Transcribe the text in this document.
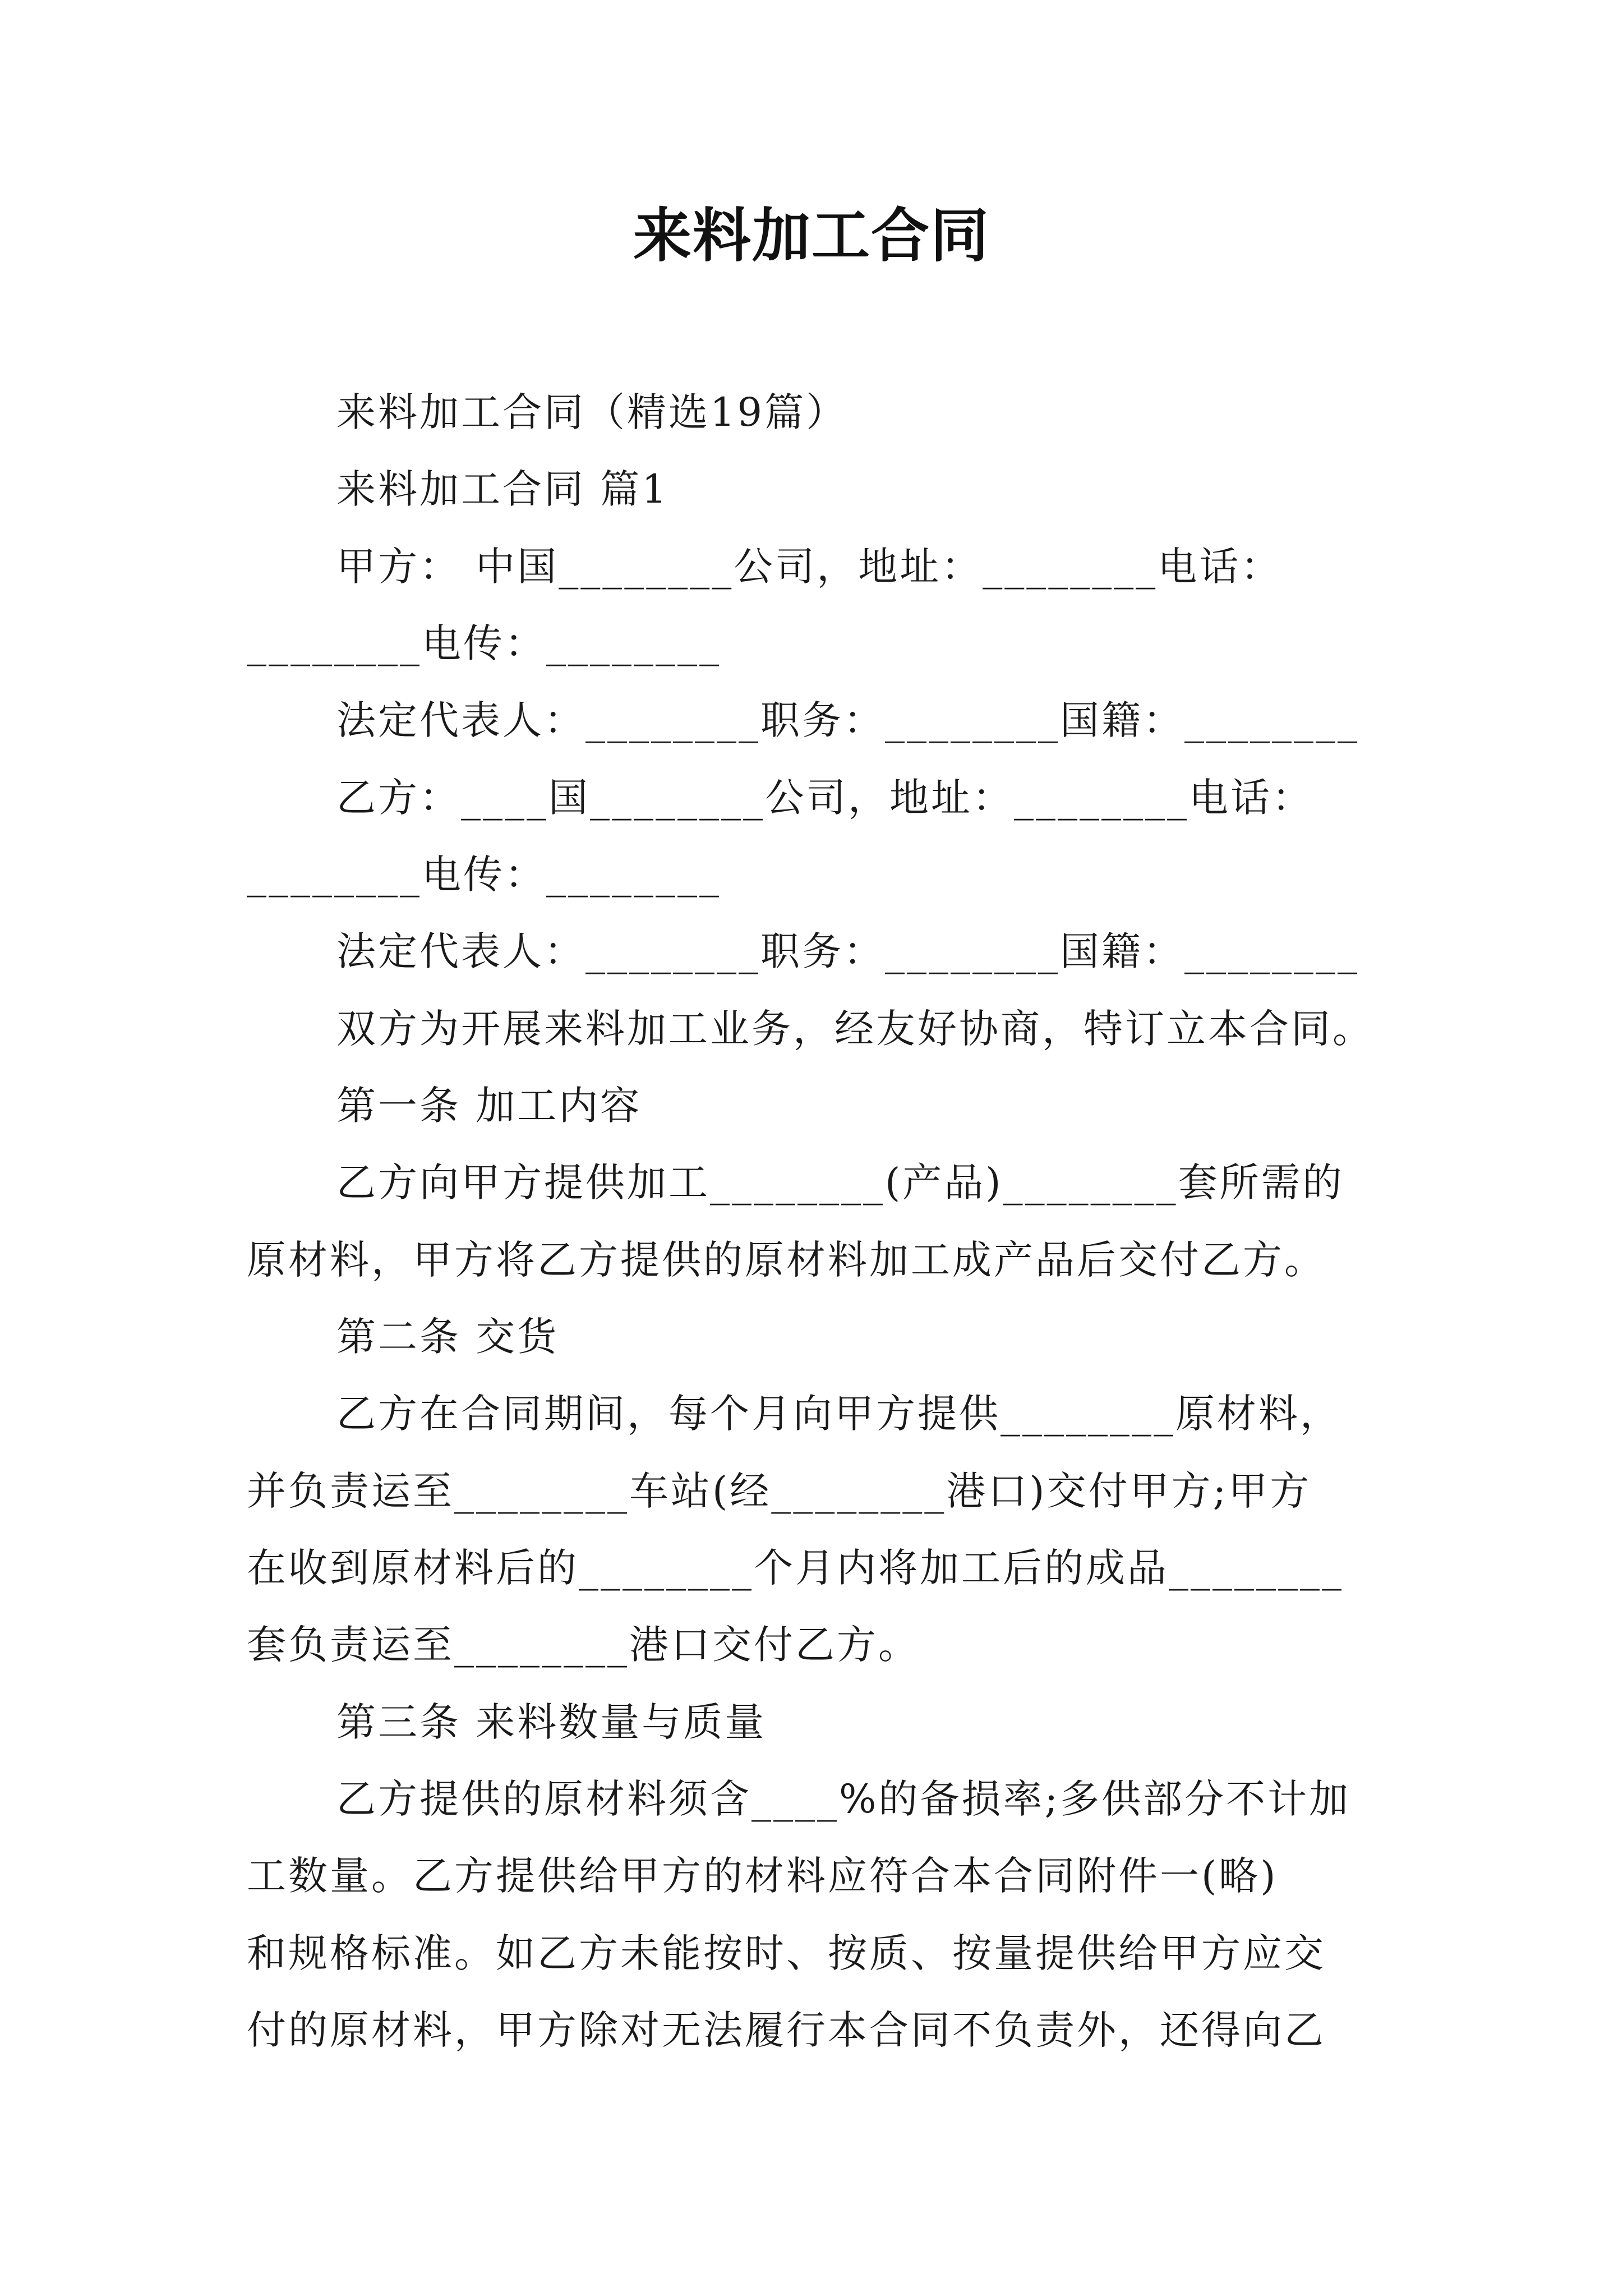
来料加工合同
来料加工合同（精选19篇）
来料加工合同 篇1
甲方： 中国________公司，地址：________电话：
________电传：________
法定代表人：________职务：________国籍：________
乙方：____国________公司，地址：________电话：
________电传：________
法定代表人：________职务：________国籍：________
双方为开展来料加工业务，经友好协商，特订立本合同。
第一条 加工内容
乙方向甲方提供加工________(产品)________套所需的
原材料，甲方将乙方提供的原材料加工成产品后交付乙方。
第二条 交货
乙方在合同期间，每个月向甲方提供________原材料，
并负责运至________车站(经________港口)交付甲方;甲方
在收到原材料后的________个月内将加工后的成品________
套负责运至________港口交付乙方。
第三条 来料数量与质量
乙方提供的原材料须含____%的备损率;多供部分不计加
工数量。乙方提供给甲方的材料应符合本合同附件一(略)
和规格标准。如乙方未能按时、按质、按量提供给甲方应交
付的原材料，甲方除对无法履行本合同不负责外，还得向乙
